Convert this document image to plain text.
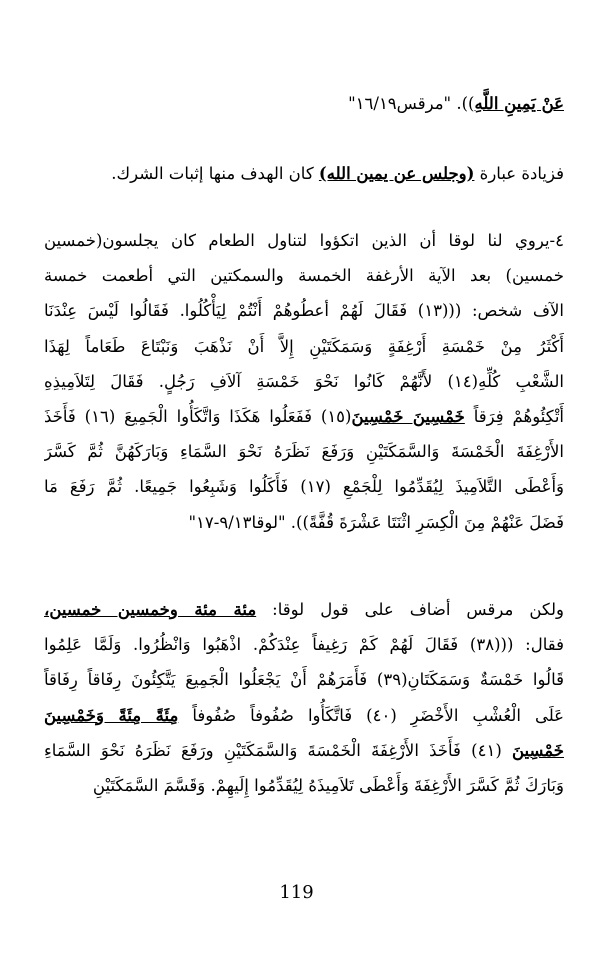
عَنْ يَمِينِ اللَّهِ)). "مرقس١٦/١٩"
فزيادة عبارة (وجلس عن يمين الله) كان الهدف منها إثبات الشرك.
٤-يروي لنا لوقا أن الذين اتكؤوا لتناول الطعام كان يجلسون(خمسين
خمسين) بعد الآية الأرغفة الخمسة والسمكتين التي أطعمت خمسة
الآف شخص: (((١٣) فَقَالَ لَهُمْ أعطُوهُمْ أَنْتُمْ لِيَأْكُلُوا. فَقَالُوا لَيْسَ عِنْدَنَا
أَكْثَرُ مِنْ خَمْسَةِ أَرْغِفَةٍ وَسَمَكَتَيْنِ إِلاَّ أَنْ نَذْهَبَ وَنَبْتَاعَ طَعَاماً لِهَذَا
الشَّعْبِ كُلِّهِ(١٤) لأَنَّهُمْ كَانُوا نَحْوَ خَمْسَةِ آلاَفِ رَجُلٍ. فَقَالَ لِتَلاَمِيذِهِ
أَتْكِئُوهُمْ فِرَقاً خَمْسِينَ خَمْسِينَ(١٥) فَفَعَلُوا هَكَذَا وَاتَّكَأُوا الْجَمِيعَ (١٦) فَأَخَذَ
الأَرْغِفَةَ الْخَمْسَةَ وَالسَّمَكَتَيْنِ وَرَفَعَ نَظَرَهُ نَحْوَ السَّمَاءِ وَبَارَكَهُنَّ ثُمَّ كَسَّرَ
وَأَعْطَى التَّلاَمِيذَ لِيُقَدِّمُوا لِلْجَمْعِ (١٧) فَأَكَلُوا وَشَبِعُوا جَمِيعًا. ثُمَّ رَفَعَ مَا
فَضَلَ عَنْهُمْ مِنَ الْكِسَرِ اثْنَتَا عَشْرَةَ قُفَّةً)). "لوقا٩/١٣-١٧"
ولكن مرقس أضاف على قول لوقا: مئة مئة وخمسين خمسين،
فقال: (((٣٨) فَقَالَ لَهُمْ كَمْ رَغِيفاً عِنْدَكُمْ. اذْهَبُوا وَانْظُرُوا. وَلَمَّا عَلِمُوا
قَالُوا خَمْسَةٌ وَسَمَكَتَانِ(٣٩) فَأَمَرَهُمْ أَنْ يَجْعَلُوا الْجَمِيعَ يَتَّكِئُونَ رِفَاقاً رِفَاقاً
عَلَى الْعُشْبِ الأَخْضَرِ (٤٠) فَاتَّكَأُوا صُفُوفاً صُفُوفاً مِئَةً مِئَةً وَخَمْسِينَ
خَمْسِينَ (٤١) فَأَخَذَ الأَرْغِفَةَ الْخَمْسَةَ وَالسَّمَكَتَيْنِ ورَفَعَ نَظَرَهُ نَحْوَ السَّمَاءِ
وَبَارَكَ ثُمَّ كَسَّرَ الأَرْغِفَةَ وَأَعْطَى تَلاَمِيذَهُ لِيُقَدِّمُوا إِلَيهِمْ. وَقَسَّمَ السَّمَكَتَيْنِ
119
